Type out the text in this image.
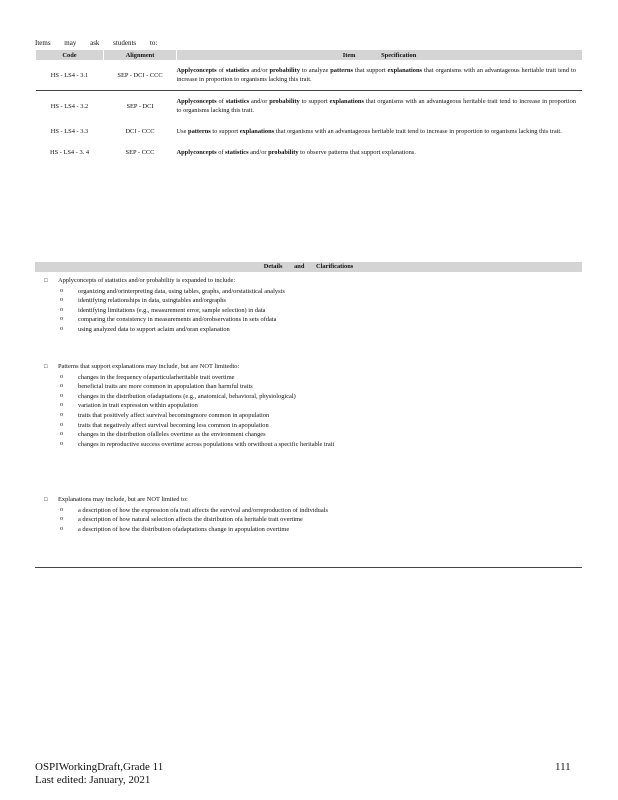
Items may ask students to:
Code	Alignment	Item Specification
HS - LS4 - 3.1	SEP - DCI - CCC	Applyconcepts of statistics and/or probability to analyze patterns that support explanations that organisms with an advantageous heritable trait tend to increase in proportion to organisms lacking this trait.
HS - LS4 - 3.2	SEP - DCI	Applyconcepts of statistics and/or probability to support explanations that organisms with an advantageous heritable trait tend to increase in proportion to organisms lacking this trait.
HS - LS4 - 3.3	DCI - CCC	Use patterns to support explanations that organisms with an advantageous heritable trait tend to increase in proportion to organisms lacking this trait.
HS - LS4 - 3. 4	SEP - CCC	Applyconcepts of statistics and/or probability to observe patterns that support explanations.
Details and Clarifications
□ Applyconcepts of statistics and/or probability is expanded to include:
o organizing and/orinterpreting data, using tables, graphs, and/orstatistical analysis
o identifying relationships in data, usingtables and/orgraphs
o identifying limitations (e.g., measurement error, sample selection) in data
o comparing the consistency in measurements and/orobservations in sets ofdata
o using analyzed data to support aclaim and/oran explanation
□ Patterns that support explanations may include, but are NOT limitedto:
o changes in the frequency ofaparticularheritable trait overtime
o beneficial traits are more common in apopulation than harmful traits
o changes in the distribution ofadaptations (e.g., anatomical, behavioral, physiological)
o variation in trait expression within apopulation
o traits that positively affect survival becomingmore common in apopulation
o traits that negatively affect survival becoming less common in apopulation
o changes in the distribution ofalleles overtime as the environment changes
o changes in reproductive success overtime across populations with orwithout a specific heritable trait
□ Explanations may include, but are NOT limited to:
o a description of how the expression ofa trait affects the survival and/orreproduction of individuals
o a description of how natural selection affects the distribution ofa heritable trait overtime
o a description of how the distribution ofadaptations change in apopulation overtime
OSPIWorkingDraft,Grade 11
Last edited: January, 2021
111
